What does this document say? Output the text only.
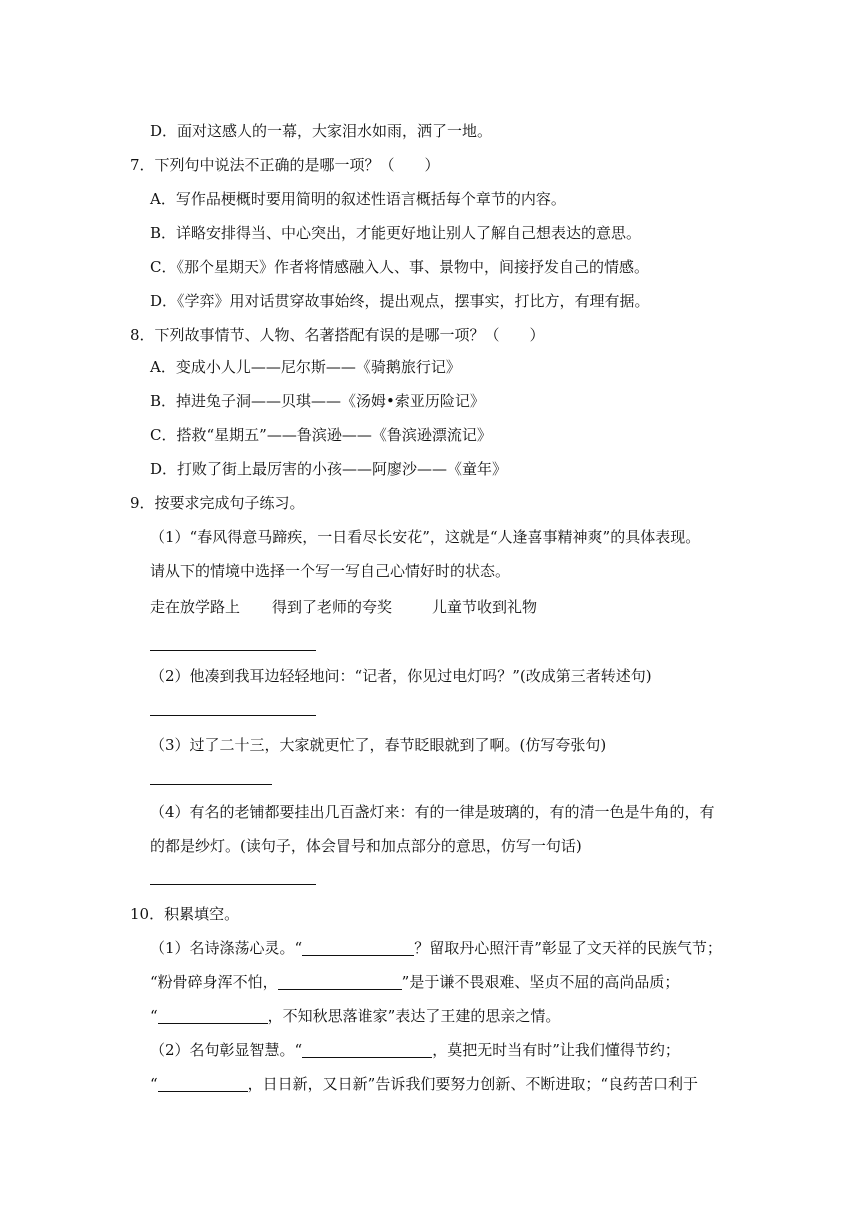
D．面对这感人的一幕，大家泪水如雨，洒了一地。
7．下列句中说法不正确的是哪一项？（　　）
A．写作品梗概时要用简明的叙述性语言概括每个章节的内容。
B．详略安排得当、中心突出，才能更好地让别人了解自己想表达的意思。
C．《那个星期天》作者将情感融入人、事、景物中，间接抒发自己的情感。
D．《学弈》用对话贯穿故事始终，提出观点，摆事实，打比方，有理有据。
8．下列故事情节、人物、名著搭配有误的是哪一项？（　　）
A．变成小人儿——尼尔斯——《骑鹅旅行记》
B．掉进兔子洞——贝琪——《汤姆•索亚历险记》
C．搭救“星期五”——鲁滨逊——《鲁滨逊漂流记》
D．打败了街上最厉害的小孩——阿廖沙——《童年》
9．按要求完成句子练习。
（1）“春风得意马蹄疾，一日看尽长安花”，这就是“人逢喜事精神爽”的具体表现。
请从下的情境中选择一个写一写自己心情好时的状态。
走在放学路上 得到了老师的夸奖	儿童节收到礼物
（2）他凑到我耳边轻轻地问：“记者，你见过电灯吗？”(改成第三者转述句)
（3）过了二十三，大家就更忙了，春节眨眼就到了啊。(仿写夸张句)
（4）有名的老铺都要挂出几百盏灯来：有的一律是玻璃的，有的清一色是牛角的，有
的都是纱灯。(读句子，体会冒号和加点部分的意思，仿写一句话)
10．积累填空。
（1）名诗涤荡心灵。“	？留取丹心照汗青”彰显了文天祥的民族气节；
“粉骨碎身浑不怕，	”是于谦不畏艰难、坚贞不屈的高尚品质；
“	，不知秋思落谁家”表达了王建的思亲之情。
（2）名句彰显智慧。“	，莫把无时当有时”让我们懂得节约；
“	，日日新，又日新”告诉我们要努力创新、不断进取；“良药苦口利于
